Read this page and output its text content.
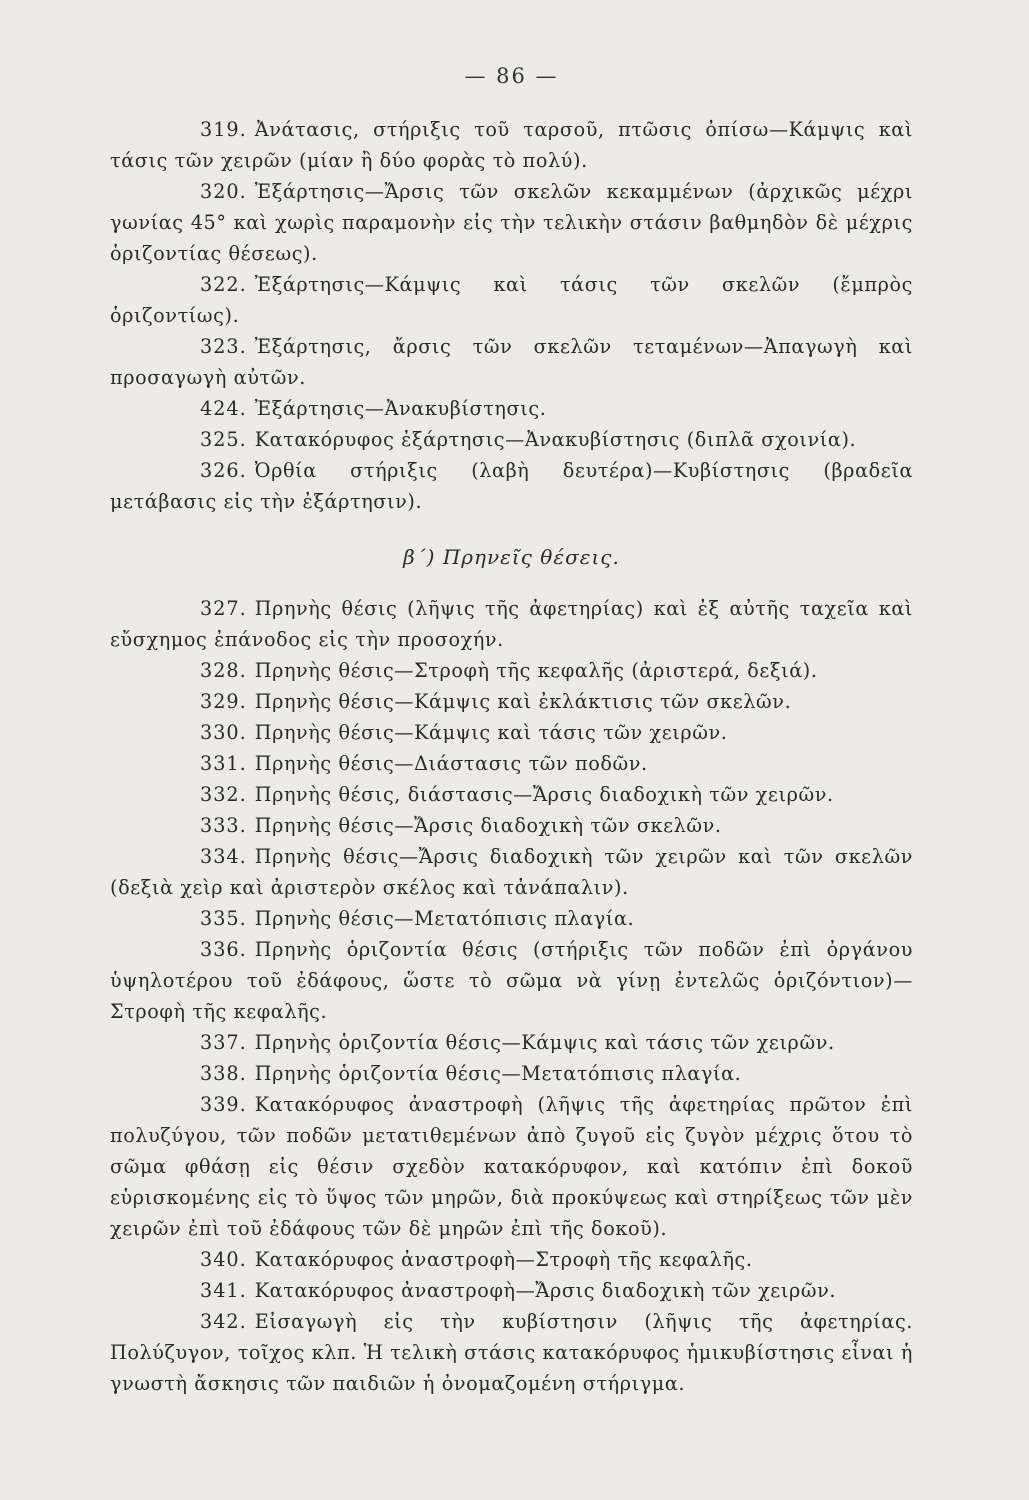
— 86 —

319. Ἀνάτασις, στήριξις τοῦ ταρσοῦ, πτῶσις ὀπίσω—Κάμψις καὶ τάσις τῶν χειρῶν (μίαν ἢ δύο φορὰς τὸ πολύ).

320. Ἐξάρτησις—Ἄρσις τῶν σκελῶν κεκαμμένων (ἀρχικῶς μέχρι γωνίας 45° καὶ χωρὶς παραμονὴν εἰς τὴν τελικὴν στάσιν βαθμηδὸν δὲ μέχρις ὁριζοντίας θέσεως).

322. Ἐξάρτησις—Κάμψις καὶ τάσις τῶν σκελῶν (ἔμπρὸς ὁριζοντίως).

323. Ἐξάρτησις, ἄρσις τῶν σκελῶν τεταμένων—Ἀπαγωγὴ καὶ προσαγωγὴ αὐτῶν.

424. Ἐξάρτησις—Ἀνακυβίστησις.

325. Κατακόρυφος ἐξάρτησις—Ἀνακυβίστησις (διπλᾶ σχοινία).

326. Ὀρθία στήριξις (λαβὴ δευτέρα)—Κυβίστησις (βραδεῖα μετάβασις εἰς τὴν ἐξάρτησιν).

β´) Πρηνεῖς θέσεις.

327. Πρηνὴς θέσις (λῆψις τῆς ἀφετηρίας) καὶ ἐξ αὐτῆς ταχεῖα καὶ εὔσχημος ἐπάνοδος εἰς τὴν προσοχήν.

328. Πρηνὴς θέσις—Στροφὴ τῆς κεφαλῆς (ἀριστερά, δεξιά).

329. Πρηνὴς θέσις—Κάμψις καὶ ἐκλάκτισις τῶν σκελῶν.

330. Πρηνὴς θέσις—Κάμψις καὶ τάσις τῶν χειρῶν.

331. Πρηνὴς θέσις—Διάστασις τῶν ποδῶν.

332. Πρηνὴς θέσις, διάστασις—Ἄρσις διαδοχικὴ τῶν χειρῶν.

333. Πρηνὴς θέσις—Ἄρσις διαδοχικὴ τῶν σκελῶν.

334. Πρηνὴς θέσις—Ἄρσις διαδοχικὴ τῶν χειρῶν καὶ τῶν σκελῶν (δεξιὰ χεὶρ καὶ ἀριστερὸν σκέλος καὶ τἀνάπαλιν).

335. Πρηνὴς θέσις—Μετατόπισις πλαγία.

336. Πρηνὴς ὁριζοντία θέσις (στήριξις τῶν ποδῶν ἐπὶ ὀργάνου ὑψηλοτέρου τοῦ ἐδάφους, ὥστε τὸ σῶμα νὰ γίνῃ ἐντελῶς ὁριζόντιον)—Στροφὴ τῆς κεφαλῆς.

337. Πρηνὴς ὁριζοντία θέσις—Κάμψις καὶ τάσις τῶν χειρῶν.

338. Πρηνὴς ὁριζοντία θέσις—Μετατόπισις πλαγία.

339. Κατακόρυφος ἀναστροφὴ (λῆψις τῆς ἀφετηρίας πρῶτον ἐπὶ πολυζύγου, τῶν ποδῶν μετατιθεμένων ἀπὸ ζυγοῦ εἰς ζυγὸν μέχρις ὅτου τὸ σῶμα φθάσῃ εἰς θέσιν σχεδὸν κατακόρυφον, καὶ κατόπιν ἐπὶ δοκοῦ εὑρισκομένης εἰς τὸ ὕψος τῶν μηρῶν, διὰ προκύψεως καὶ στηρίξεως τῶν μὲν χειρῶν ἐπὶ τοῦ ἐδάφους τῶν δὲ μηρῶν ἐπὶ τῆς δοκοῦ).

340. Κατακόρυφος ἀναστροφὴ—Στροφὴ τῆς κεφαλῆς.

341. Κατακόρυφος ἀναστροφὴ—Ἄρσις διαδοχικὴ τῶν χειρῶν.

342. Εἰσαγωγὴ εἰς τὴν κυβίστησιν (λῆψις τῆς ἀφετηρίας. Πολύζυγον, τοῖχος κλπ. Ἡ τελικὴ στάσις κατακόρυφος ἡμικυβίστησις εἶναι ἡ γνωστὴ ἄσκησις τῶν παιδιῶν ἡ ὀνομαζομένη στήριγμα.
